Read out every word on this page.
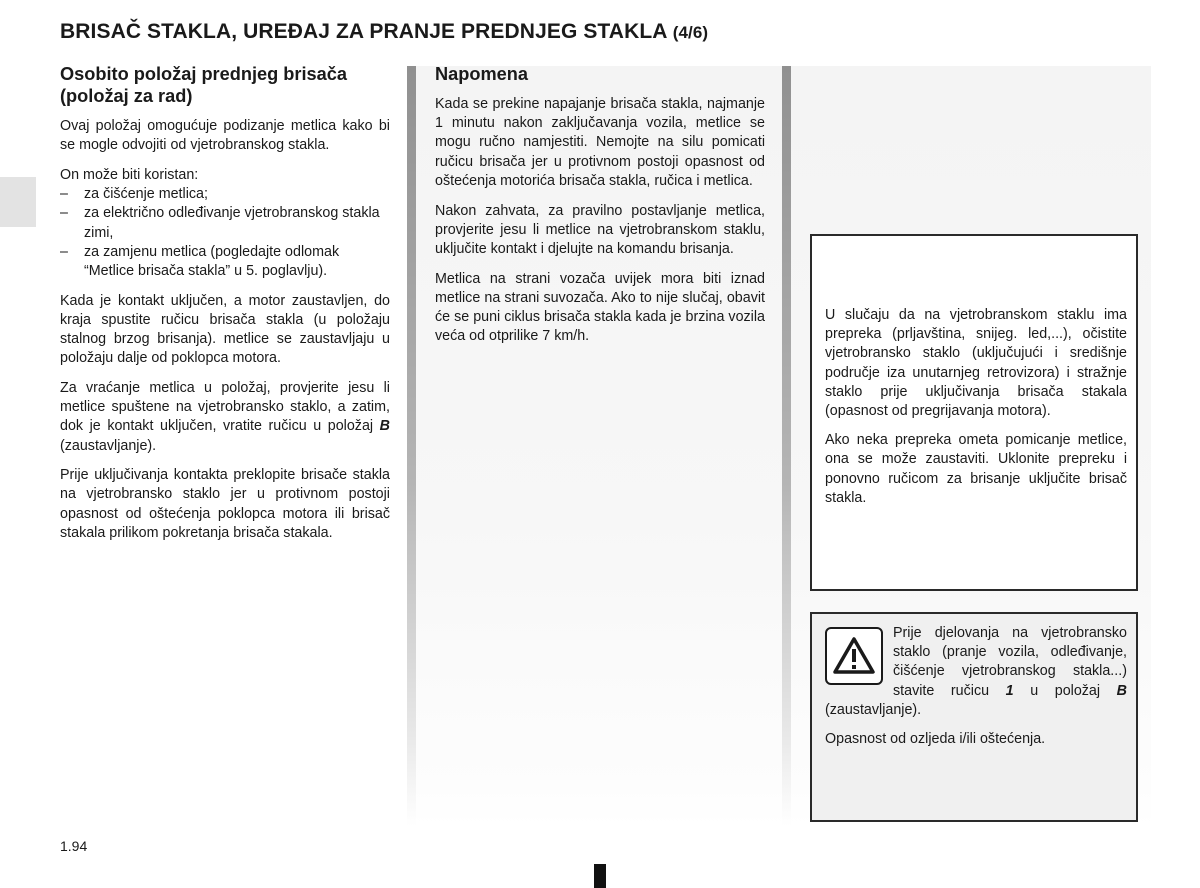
BRISAČ STAKLA, UREĐAJ ZA PRANJE PREDNJEG STAKLA (4/6)
Osobito položaj prednjeg brisača (položaj za rad)

Ovaj položaj omogućuje podizanje metlica kako bi se mogle odvojiti od vjetrobranskog stakla.

On može biti koristan:

– za čišćenje metlica;
– za električno odleđivanje vjetrobranskog stakla zimi,
– za zamjenu metlica (pogledajte odlomak “Metlice brisača stakla” u 5. poglavlju).

Kada je kontakt uključen, a motor zaustavljen, do kraja spustite ručicu brisača stakla (u položaju stalnog brzog brisanja). metlice se zaustavljaju u položaju dalje od poklopca motora.

Za vraćanje metlica u položaj, provjerite jesu li metlice spuštene na vjetrobransko staklo, a zatim, dok je kontakt uključen, vratite ručicu u položaj B (zaustavljanje).

Prije uključivanja kontakta preklopite brisače stakla na vjetrobransko staklo jer u protivnom postoji opasnost od oštećenja poklopca motora ili brisač stakala prilikom pokretanja brisača stakala.

Napomena

Kada se prekine napajanje brisača stakla, najmanje 1 minutu nakon zaključavanja vozila, metlice se mogu ručno namjestiti. Nemojte na silu pomicati ručicu brisača jer u protivnom postoji opasnost od oštećenja motorića brisača stakla, ručica i metlica.

Nakon zahvata, za pravilno postavljanje metlica, provjerite jesu li metlice na vjetrobranskom staklu, uključite kontakt i djelujte na komandu brisanja.

Metlica na strani vozača uvijek mora biti iznad metlice na strani suvozača. Ako to nije slučaj, obavit će se puni ciklus brisača stakla kada je brzina vozila veća od otprilike 7 km/h.

U slučaju da na vjetrobranskom staklu ima prepreka (prljavština, snijeg. led,...), očistite vjetrobransko staklo (uključujući i središnje područje iza unutarnjeg retrovizora) i stražnje staklo prije uključivanja brisača stakala (opasnost od pregrijavanja motora).

Ako neka prepreka ometa pomicanje metlice, ona se može zaustaviti. Uklonite prepreku i ponovno ručicom za brisanje uključite brisač stakla.

Prije djelovanja na vjetrobransko staklo (pranje vozila, odleđivanje, čišćenje vjetrobranskog stakla...) stavite ručicu 1 u položaj B (zaustavljanje).

Opasnost od ozljeda i/ili oštećenja.

1.94
